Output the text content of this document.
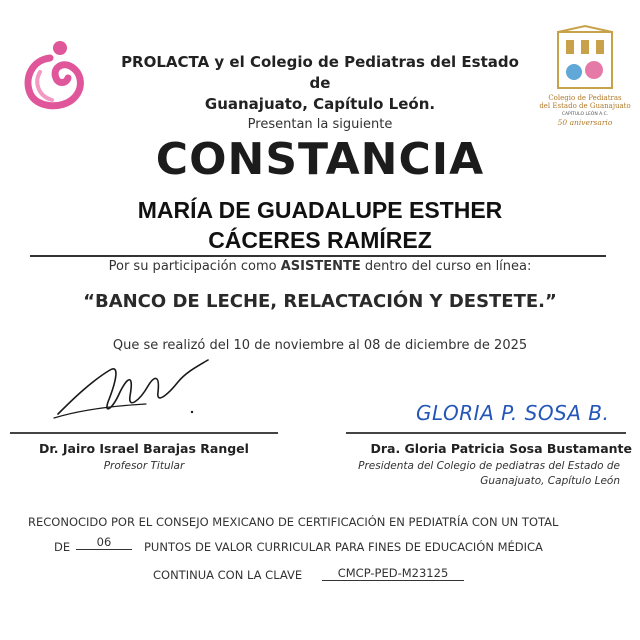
PROLACTA y el Colegio de Pediatras del Estado de
Guanajuato, Capítulo León.	Colegio de Pediatras
del Estado de Guanajuato
CAPÍTULO LEÓN A.C.
50 aniversario
Presentan la siguiente
CONSTANCIA
MARÍA DE GUADALUPE ESTHER
CÁCERES RAMÍREZ
Por su participación como ASISTENTE dentro del curso en línea:
“BANCO DE LECHE, RELACTACIÓN Y DESTETE.”
Que se realizó del 10 de noviembre al 08 de diciembre de 2025
GLORIA P. SOSA B.
Dr. Jairo Israel Barajas Rangel
Profesor Titular
Dra. Gloria Patricia Sosa Bustamante
Presidenta del Colegio de pediatras del Estado de
Guanajuato, Capítulo León
RECONOCIDO POR EL CONSEJO MEXICANO DE CERTIFICACIÓN EN PEDIATRÍA CON UN TOTAL
DE	06	PUNTOS DE VALOR CURRICULAR PARA FINES DE EDUCACIÓN MÉDICA
CONTINUA CON LA CLAVE	CMCP-PED-M23125
